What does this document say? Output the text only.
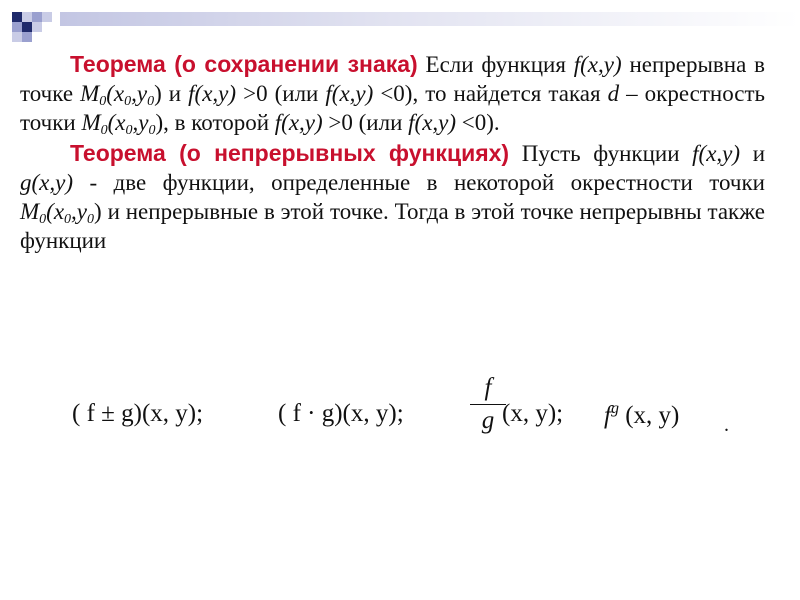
Теорема (о сохранении знака) Если функция f(x,y) непрерывна в точке $M_0(x_0,y_0)$ и f(x,y) >0 (или f(x,y) <0), то найдется такая d – окрестность точки $M_0(x_0,y_0)$, в которой f(x,y) >0 (или f(x,y) <0).

Теорема (о непрерывных функциях) Пусть функции f(x,y) и g(x,y) - две функции, определенные в некоторой окрестности точки $M_0(x_0,y_0)$ и непрерывные в этой точке. Тогда в этой точке непрерывны также функции

( f ± g)(x, y);	( f · g)(x, y);
f
g (x, y); $f^g$ (x, y) .
